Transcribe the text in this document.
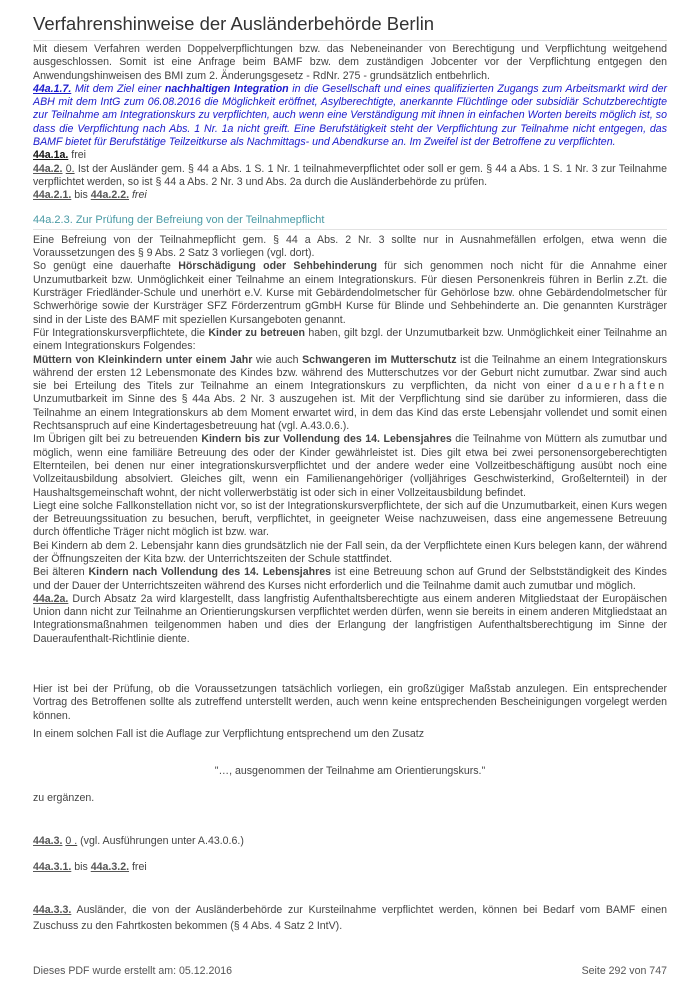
Verfahrenshinweise der Ausländerbehörde Berlin

Mit diesem Verfahren werden Doppelverpflichtungen bzw. das Nebeneinander von Berechtigung und Verpflichtung weitgehend ausgeschlossen. Somit ist eine Anfrage beim BAMF bzw. dem zuständigen Jobcenter vor der Verpflichtung entgegen den Anwendungshinweisen des BMI zum 2. Änderungsgesetz - RdNr. 275 - grundsätzlich entbehrlich.

44a.1.7. Mit dem Ziel einer nachhaltigen Integration in die Gesellschaft und eines qualifizierten Zugangs zum Arbeitsmarkt wird der ABH mit dem IntG zum 06.08.2016 die Möglichkeit eröffnet, Asylberechtigte, anerkannte Flüchtlinge oder subsidiär Schutzberechtigte zur Teilnahme am Integrationskurs zu verpflichten, auch wenn eine Verständigung mit ihnen in einfachen Worten bereits möglich ist, so dass die Verpflichtung nach Abs. 1 Nr. 1a nicht greift. Eine Berufstätigkeit steht der Verpflichtung zur Teilnahme nicht entgegen, das BAMF bietet für Berufstätige Teilzeitkurse als Nachmittags- und Abendkurse an. Im Zweifel ist der Betroffene zu verpflichten.

44a.1a. frei

44a.2. 0. Ist der Ausländer gem. § 44 a Abs. 1 S. 1 Nr. 1 teilnahmeverpflichtet oder soll er gem. § 44 a Abs. 1 S. 1 Nr. 3 zur Teilnahme verpflichtet werden, so ist § 44 a Abs. 2 Nr. 3 und Abs. 2a durch die Ausländerbehörde zu prüfen.

44a.2.1. bis 44a.2.2. frei

44a.2.3. Zur Prüfung der Befreiung von der Teilnahmepflicht

Eine Befreiung von der Teilnahmepflicht gem. § 44 a Abs. 2 Nr. 3 sollte nur in Ausnahmefällen erfolgen, etwa wenn die Voraussetzungen des § 9 Abs. 2 Satz 3 vorliegen (vgl. dort).

So genügt eine dauerhafte Hörschädigung oder Sehbehinderung für sich genommen noch nicht für die Annahme einer Unzumutbarkeit bzw. Unmöglichkeit einer Teilnahme an einem Integrationskurs. Für diesen Personenkreis führen in Berlin z.Zt. die Kursträger Friedländer-Schule und unerhört e.V. Kurse mit Gebärdendolmetscher für Gehörlose bzw. ohne Gebärdendolmetscher für Schwerhörige sowie der Kursträger SFZ Förderzentrum gGmbH Kurse für Blinde und Sehbehinderte an. Die genannten Kursträger sind in der Liste des BAMF mit speziellen Kursangeboten genannt.

Für Integrationskursverpflichtete, die Kinder zu betreuen haben, gilt bzgl. der Unzumutbarkeit bzw. Unmöglichkeit einer Teilnahme an einem Integrationskurs Folgendes:

Müttern von Kleinkindern unter einem Jahr wie auch Schwangeren im Mutterschutz ist die Teilnahme an einem Integrationskurs während der ersten 12 Lebensmonate des Kindes bzw. während des Mutterschutzes vor der Geburt nicht zumutbar. Zwar sind auch sie bei Erteilung des Titels zur Teilnahme an einem Integrationskurs zu verpflichten, da nicht von einer dauerhaften Unzumutbarkeit im Sinne des § 44a Abs. 2 Nr. 3 auszugehen ist. Mit der Verpflichtung sind sie darüber zu informieren, dass die Teilnahme an einem Integrationskurs ab dem Moment erwartet wird, in dem das Kind das erste Lebensjahr vollendet und somit einen Rechtsanspruch auf eine Kindertagesbetreuung hat (vgl. A.43.0.6.).

Im Übrigen gilt bei zu betreuenden Kindern bis zur Vollendung des 14. Lebensjahres die Teilnahme von Müttern als zumutbar und möglich, wenn eine familiäre Betreuung des oder der Kinder gewährleistet ist. Dies gilt etwa bei zwei personensorgeberechtigten Elternteilen, bei denen nur einer integrationskursverpflichtet und der andere weder eine Vollzeitbeschäftigung ausübt noch eine Vollzeitausbildung absolviert. Gleiches gilt, wenn ein Familienangehöriger (volljähriges Geschwisterkind, Großelternteil) in der Haushaltsgemeinschaft wohnt, der nicht vollerwerbstätig ist oder sich in einer Vollzeitausbildung befindet.

Liegt eine solche Fallkonstellation nicht vor, so ist der Integrationskursverpflichtete, der sich auf die Unzumutbarkeit, einen Kurs wegen der Betreuungssituation zu besuchen, beruft, verpflichtet, in geeigneter Weise nachzuweisen, dass eine angemessene Betreuung durch öffentliche Träger nicht möglich ist bzw. war.

Bei Kindern ab dem 2. Lebensjahr kann dies grundsätzlich nie der Fall sein, da der Verpflichtete einen Kurs belegen kann, der während der Öffnungszeiten der Kita bzw. der Unterrichtszeiten der Schule stattfindet.

Bei älteren Kindern nach Vollendung des 14. Lebensjahres ist eine Betreuung schon auf Grund der Selbstständigkeit des Kindes und der Dauer der Unterrichtszeiten während des Kurses nicht erforderlich und die Teilnahme damit auch zumutbar und möglich.

44a.2a. Durch Absatz 2a wird klargestellt, dass langfristig Aufenthaltsberechtigte aus einem anderen Mitgliedstaat der Europäischen Union dann nicht zur Teilnahme an Orientierungskursen verpflichtet werden dürfen, wenn sie bereits in einem anderen Mitgliedstaat an Integrationsmaßnahmen teilgenommen haben und dies der Erlangung der langfristigen Aufenthaltsberechtigung im Sinne der Daueraufenthalt-Richtlinie diente.

Hier ist bei der Prüfung, ob die Voraussetzungen tatsächlich vorliegen, ein großzügiger Maßstab anzulegen. Ein entsprechender Vortrag des Betroffenen sollte als zutreffend unterstellt werden, auch wenn keine entsprechenden Bescheinigungen vorgelegt werden können.

In einem solchen Fall ist die Auflage zur Verpflichtung entsprechend um den Zusatz

"…, ausgenommen der Teilnahme am Orientierungskurs."

zu ergänzen.

44a.3. 0 . (vgl. Ausführungen unter A.43.0.6.)

44a.3.1. bis 44a.3.2. frei

44a.3.3. Ausländer, die von der Ausländerbehörde zur Kursteilnahme verpflichtet werden, können bei Bedarf vom BAMF einen Zuschuss zu den Fahrtkosten bekommen (§ 4 Abs. 4 Satz 2 IntV).

Dieses PDF wurde erstellt am: 05.12.2016	Seite 292 von 747
